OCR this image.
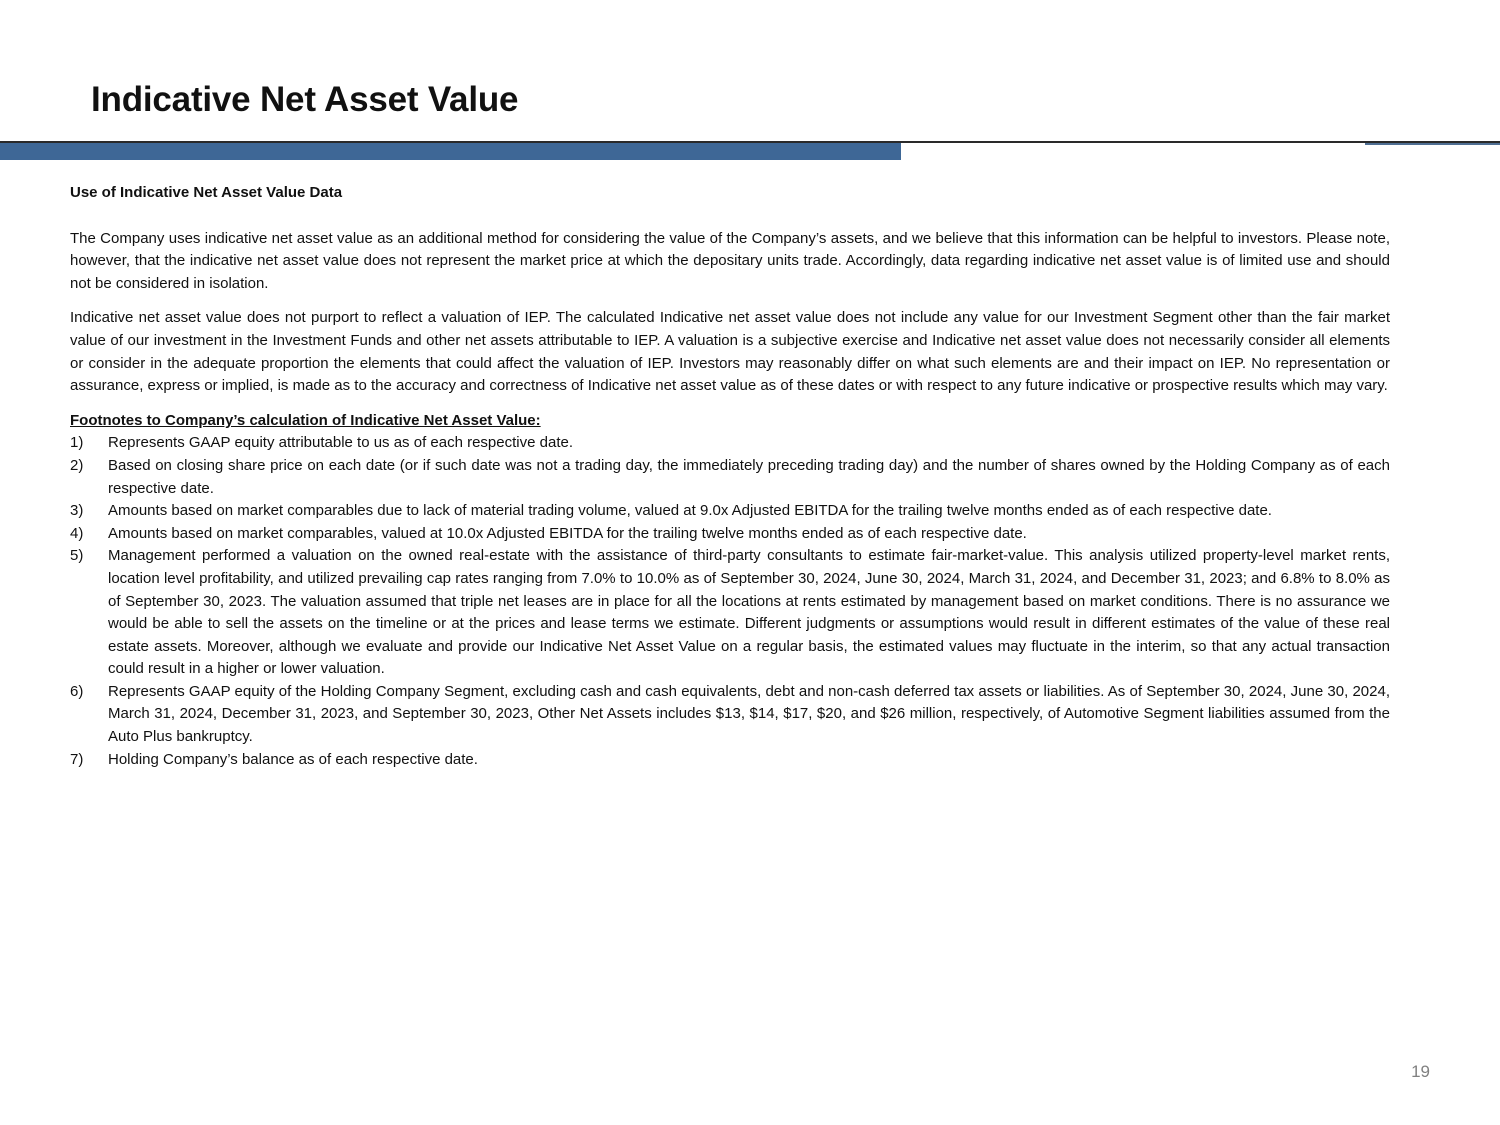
Indicative Net Asset Value

Use of Indicative Net Asset Value Data

The Company uses indicative net asset value as an additional method for considering the value of the Company’s assets, and we believe that this information can be helpful to investors. Please note, however, that the indicative net asset value does not represent the market price at which the depositary units trade. Accordingly, data regarding indicative net asset value is of limited use and should not be considered in isolation.

Indicative net asset value does not purport to reflect a valuation of IEP. The calculated Indicative net asset value does not include any value for our Investment Segment other than the fair market value of our investment in the Investment Funds and other net assets attributable to IEP. A valuation is a subjective exercise and Indicative net asset value does not necessarily consider all elements or consider in the adequate proportion the elements that could affect the valuation of IEP. Investors may reasonably differ on what such elements are and their impact on IEP. No representation or assurance, express or implied, is made as to the accuracy and correctness of Indicative net asset value as of these dates or with respect to any future indicative or prospective results which may vary.

Footnotes to Company’s calculation of Indicative Net Asset Value:

1)	Represents GAAP equity attributable to us as of each respective date.
2)	Based on closing share price on each date (or if such date was not a trading day, the immediately preceding trading day) and the number of shares owned by the Holding Company as of each respective date.
3)	Amounts based on market comparables due to lack of material trading volume, valued at 9.0x Adjusted EBITDA for the trailing twelve months ended as of each respective date.
4)	Amounts based on market comparables, valued at 10.0x Adjusted EBITDA for the trailing twelve months ended as of each respective date.
5)	Management performed a valuation on the owned real-estate with the assistance of third-party consultants to estimate fair-market-value. This analysis utilized property-level market rents, location level profitability, and utilized prevailing cap rates ranging from 7.0% to 10.0% as of September 30, 2024, June 30, 2024, March 31, 2024, and December 31, 2023; and 6.8% to 8.0% as of September 30, 2023. The valuation assumed that triple net leases are in place for all the locations at rents estimated by management based on market conditions. There is no assurance we would be able to sell the assets on the timeline or at the prices and lease terms we estimate. Different judgments or assumptions would result in different estimates of the value of these real estate assets. Moreover, although we evaluate and provide our Indicative Net Asset Value on a regular basis, the estimated values may fluctuate in the interim, so that any actual transaction could result in a higher or lower valuation.
6)	Represents GAAP equity of the Holding Company Segment, excluding cash and cash equivalents, debt and non-cash deferred tax assets or liabilities. As of September 30, 2024, June 30, 2024, March 31, 2024, December 31, 2023, and September 30, 2023, Other Net Assets includes $13, $14, $17, $20, and $26 million, respectively, of Automotive Segment liabilities assumed from the Auto Plus bankruptcy.
7)	Holding Company’s balance as of each respective date.
19
